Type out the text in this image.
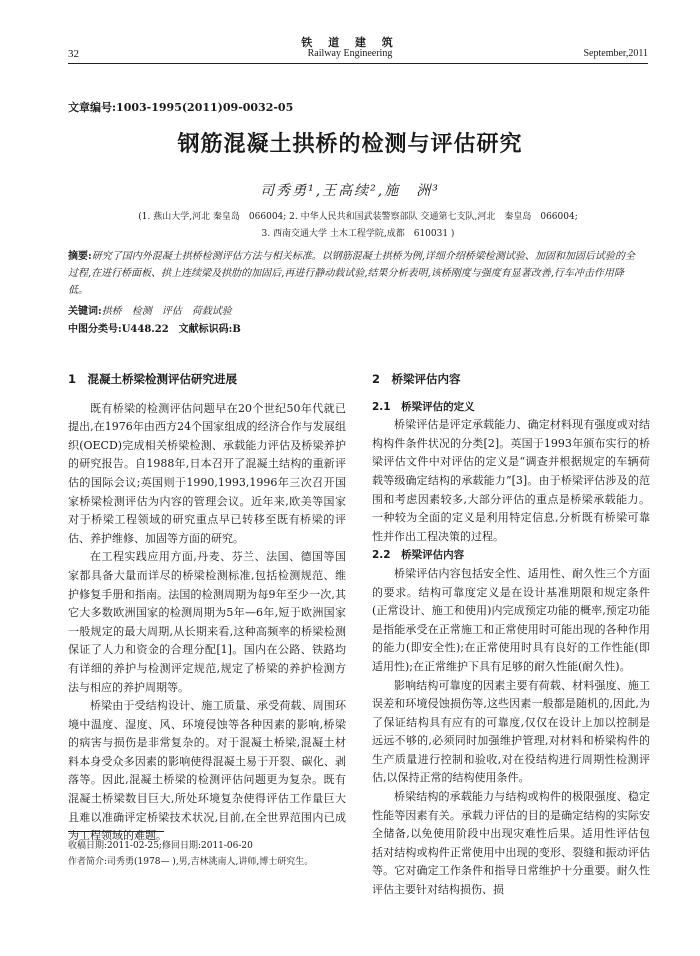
铁 道 建 筑
Railway Engineering
32	September,2011
文章编号:1003-1995(2011)09-0032-05
钢筋混凝土拱桥的检测与评估研究
司秀勇¹,王高续²,施　洲³
(1. 燕山大学,河北 秦皇岛　066004; 2. 中华人民共和国武装警察部队 交通第七支队,河北　秦皇岛　066004;
3. 西南交通大学 土木工程学院,成都　610031 )
摘要:研究了国内外混凝土拱桥检测评估方法与相关标准。以钢筋混凝土拱桥为例,详细介绍桥梁检测试验、加固和加固后试验的全过程,在进行桥面板、拱上连续梁及拱肋的加固后,再进行静动载试验,结果分析表明,该桥刚度与强度有显著改善,行车冲击作用降低。
关键词:拱桥　检测　评估　荷载试验
中图分类号:U448.22　文献标识码:B
1　混凝土桥梁检测评估研究进展

既有桥梁的检测评估问题早在20个世纪50年代就已提出,在1976年由西方24个国家组成的经济合作与发展组织(OECD)完成相关桥梁检测、承载能力评估及桥梁养护的研究报告。自1988年,日本召开了混凝土结构的重新评估的国际会议;英国则于1990,1993,1996年三次召开国家桥梁检测评估为内容的管理会议。近年来,欧美等国家对于桥梁工程领域的研究重点早已转移至既有桥梁的评估、养护维修、加固等方面的研究。

在工程实践应用方面,丹麦、芬兰、法国、德国等国家都具备大量而详尽的桥梁检测标准,包括检测规范、维护修复手册和指南。法国的检测周期为每9年至少一次,其它大多数欧洲国家的检测周期为5年—6年,短于欧洲国家一般规定的最大周期,从长期来看,这种高频率的桥梁检测保证了人力和资金的合理分配[1]。国内在公路、铁路均有详细的养护与检测评定规范,规定了桥梁的养护检测方法与相应的养护周期等。

桥梁由于受结构设计、施工质量、承受荷载、周围环境中温度、湿度、风、环境侵蚀等各种因素的影响,桥梁的病害与损伤是非常复杂的。对于混凝土桥梁,混凝土材料本身受众多因素的影响使得混凝土易于开裂、碳化、剥落等。因此,混凝土桥梁的检测评估问题更为复杂。既有混凝土桥梁数目巨大,所处环境复杂使得评估工作量巨大且难以准确评定桥梁技术状况,目前,在全世界范围内已成为工程领域的难题。

2　桥梁评估内容
2.1　桥梁评估的定义

桥梁评估是评定承载能力、确定材料现有强度或对结构构件条件状况的分类[2]。英国于1993年颁布实行的桥梁评估文件中对评估的定义是“调查并根据规定的车辆荷载等级确定结构的承载能力”[3]。由于桥梁评估涉及的范围和考虑因素较多,大部分评估的重点是桥梁承载能力。一种较为全面的定义是利用特定信息,分析既有桥梁可靠性并作出工程决策的过程。

2.2　桥梁评估内容

桥梁评估内容包括安全性、适用性、耐久性三个方面的要求。结构可靠度定义是在设计基准期限和规定条件(正常设计、施工和使用)内完成预定功能的概率,预定功能是指能承受在正常施工和正常使用时可能出现的各种作用的能力(即安全性);在正常使用时具有良好的工作性能(即适用性);在正常维护下具有足够的耐久性能(耐久性)。

影响结构可靠度的因素主要有荷载、材料强度、施工误差和环境侵蚀损伤等,这些因素一般都是随机的,因此,为了保证结构具有应有的可靠度,仅仅在设计上加以控制是远远不够的,必须同时加强维护管理,对材料和桥梁构件的生产质量进行控制和验收,对在役结构进行周期性检测评估,以保持正常的结构使用条件。

桥梁结构的承载能力与结构或构件的极限强度、稳定性能等因素有关。承载力评估的目的是确定结构的实际安全储备,以免使用阶段中出现灾难性后果。适用性评估包括对结构或构件正常使用中出现的变形、裂缝和振动评估等。它对确定工作条件和指导日常维护十分重要。耐久性评估主要针对结构损伤、损

收稿日期:2011-02-25;修回日期:2011-06-20
作者简介:司秀勇(1978— ),男,吉林洮南人,讲师,博士研究生。
